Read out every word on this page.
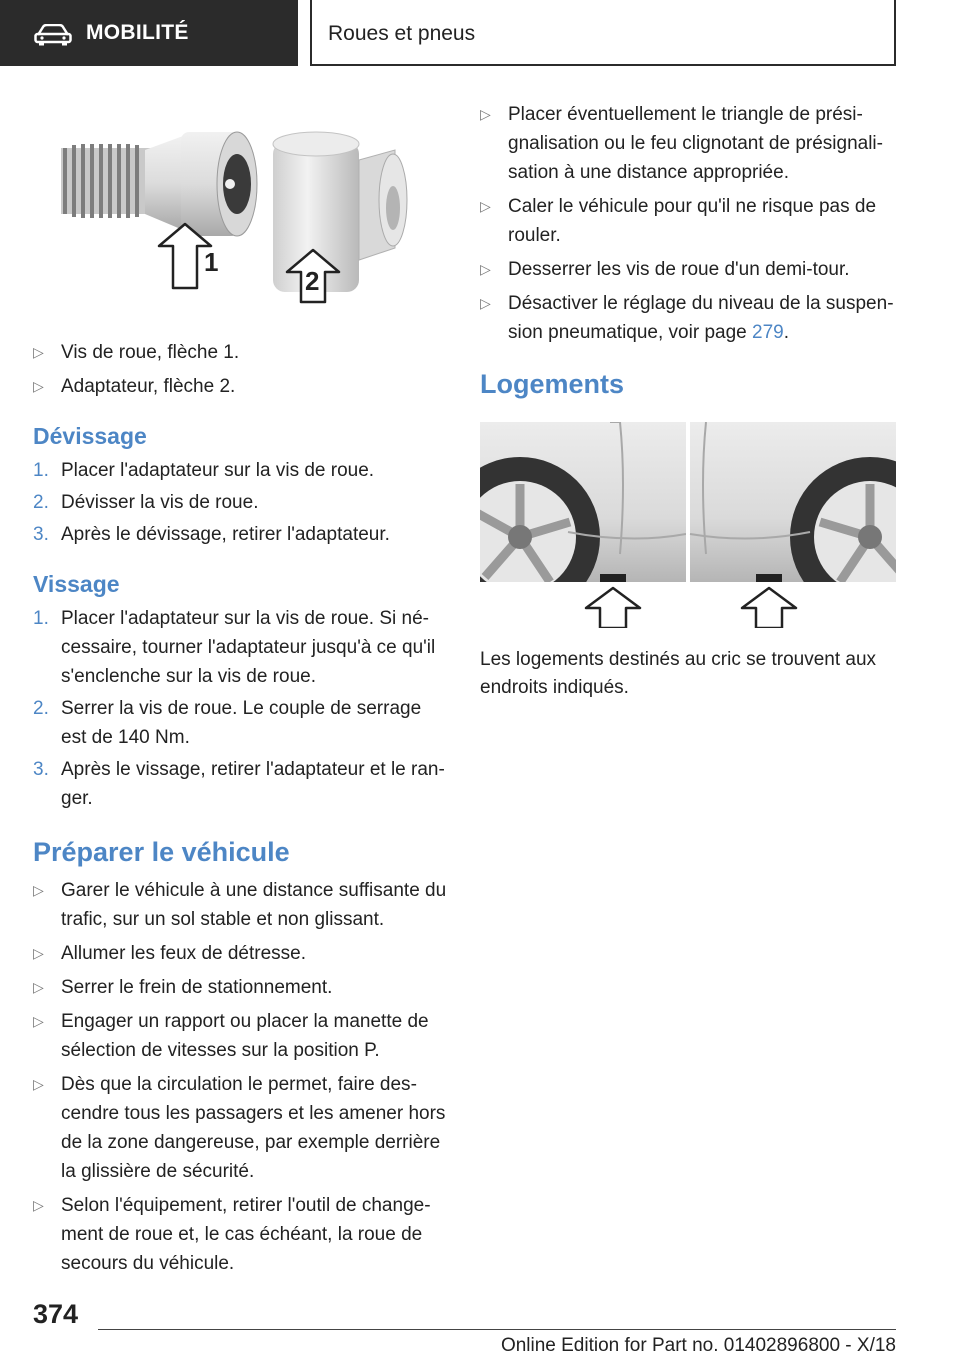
MOBILITÉ	Roues et pneus
1
2
▷ Vis de roue, flèche 1.
▷ Adaptateur, flèche 2.
Dévissage
1. Placer l'adaptateur sur la vis de roue.
2. Dévisser la vis de roue.
3. Après le dévissage, retirer l'adaptateur.
Vissage
1. Placer l'adaptateur sur la vis de roue. Si nécessaire, tourner l'adaptateur jusqu'à ce qu'il s'enclenche sur la vis de roue.
2. Serrer la vis de roue. Le couple de serrage est de 140 Nm.
3. Après le vissage, retirer l'adaptateur et le ranger.
Préparer le véhicule
▷ Garer le véhicule à une distance suffisante du trafic, sur un sol stable et non glissant.
▷ Allumer les feux de détresse.
▷ Serrer le frein de stationnement.
▷ Engager un rapport ou placer la manette de sélection de vitesses sur la position P.
▷ Dès que la circulation le permet, faire descendre tous les passagers et les amener hors de la zone dangereuse, par exemple derrière la glissière de sécurité.
▷ Selon l'équipement, retirer l'outil de changement de roue et, le cas échéant, la roue de secours du véhicule.
▷ Placer éventuellement le triangle de présignalisation ou le feu clignotant de présignalisation à une distance appropriée.
▷ Caler le véhicule pour qu'il ne risque pas de rouler.
▷ Desserrer les vis de roue d'un demi-tour.
▷ Désactiver le réglage du niveau de la suspension pneumatique, voir page 279.
Logements

Les logements destinés au cric se trouvent aux endroits indiqués.

374
Online Edition for Part no. 01402896800 - X/18
